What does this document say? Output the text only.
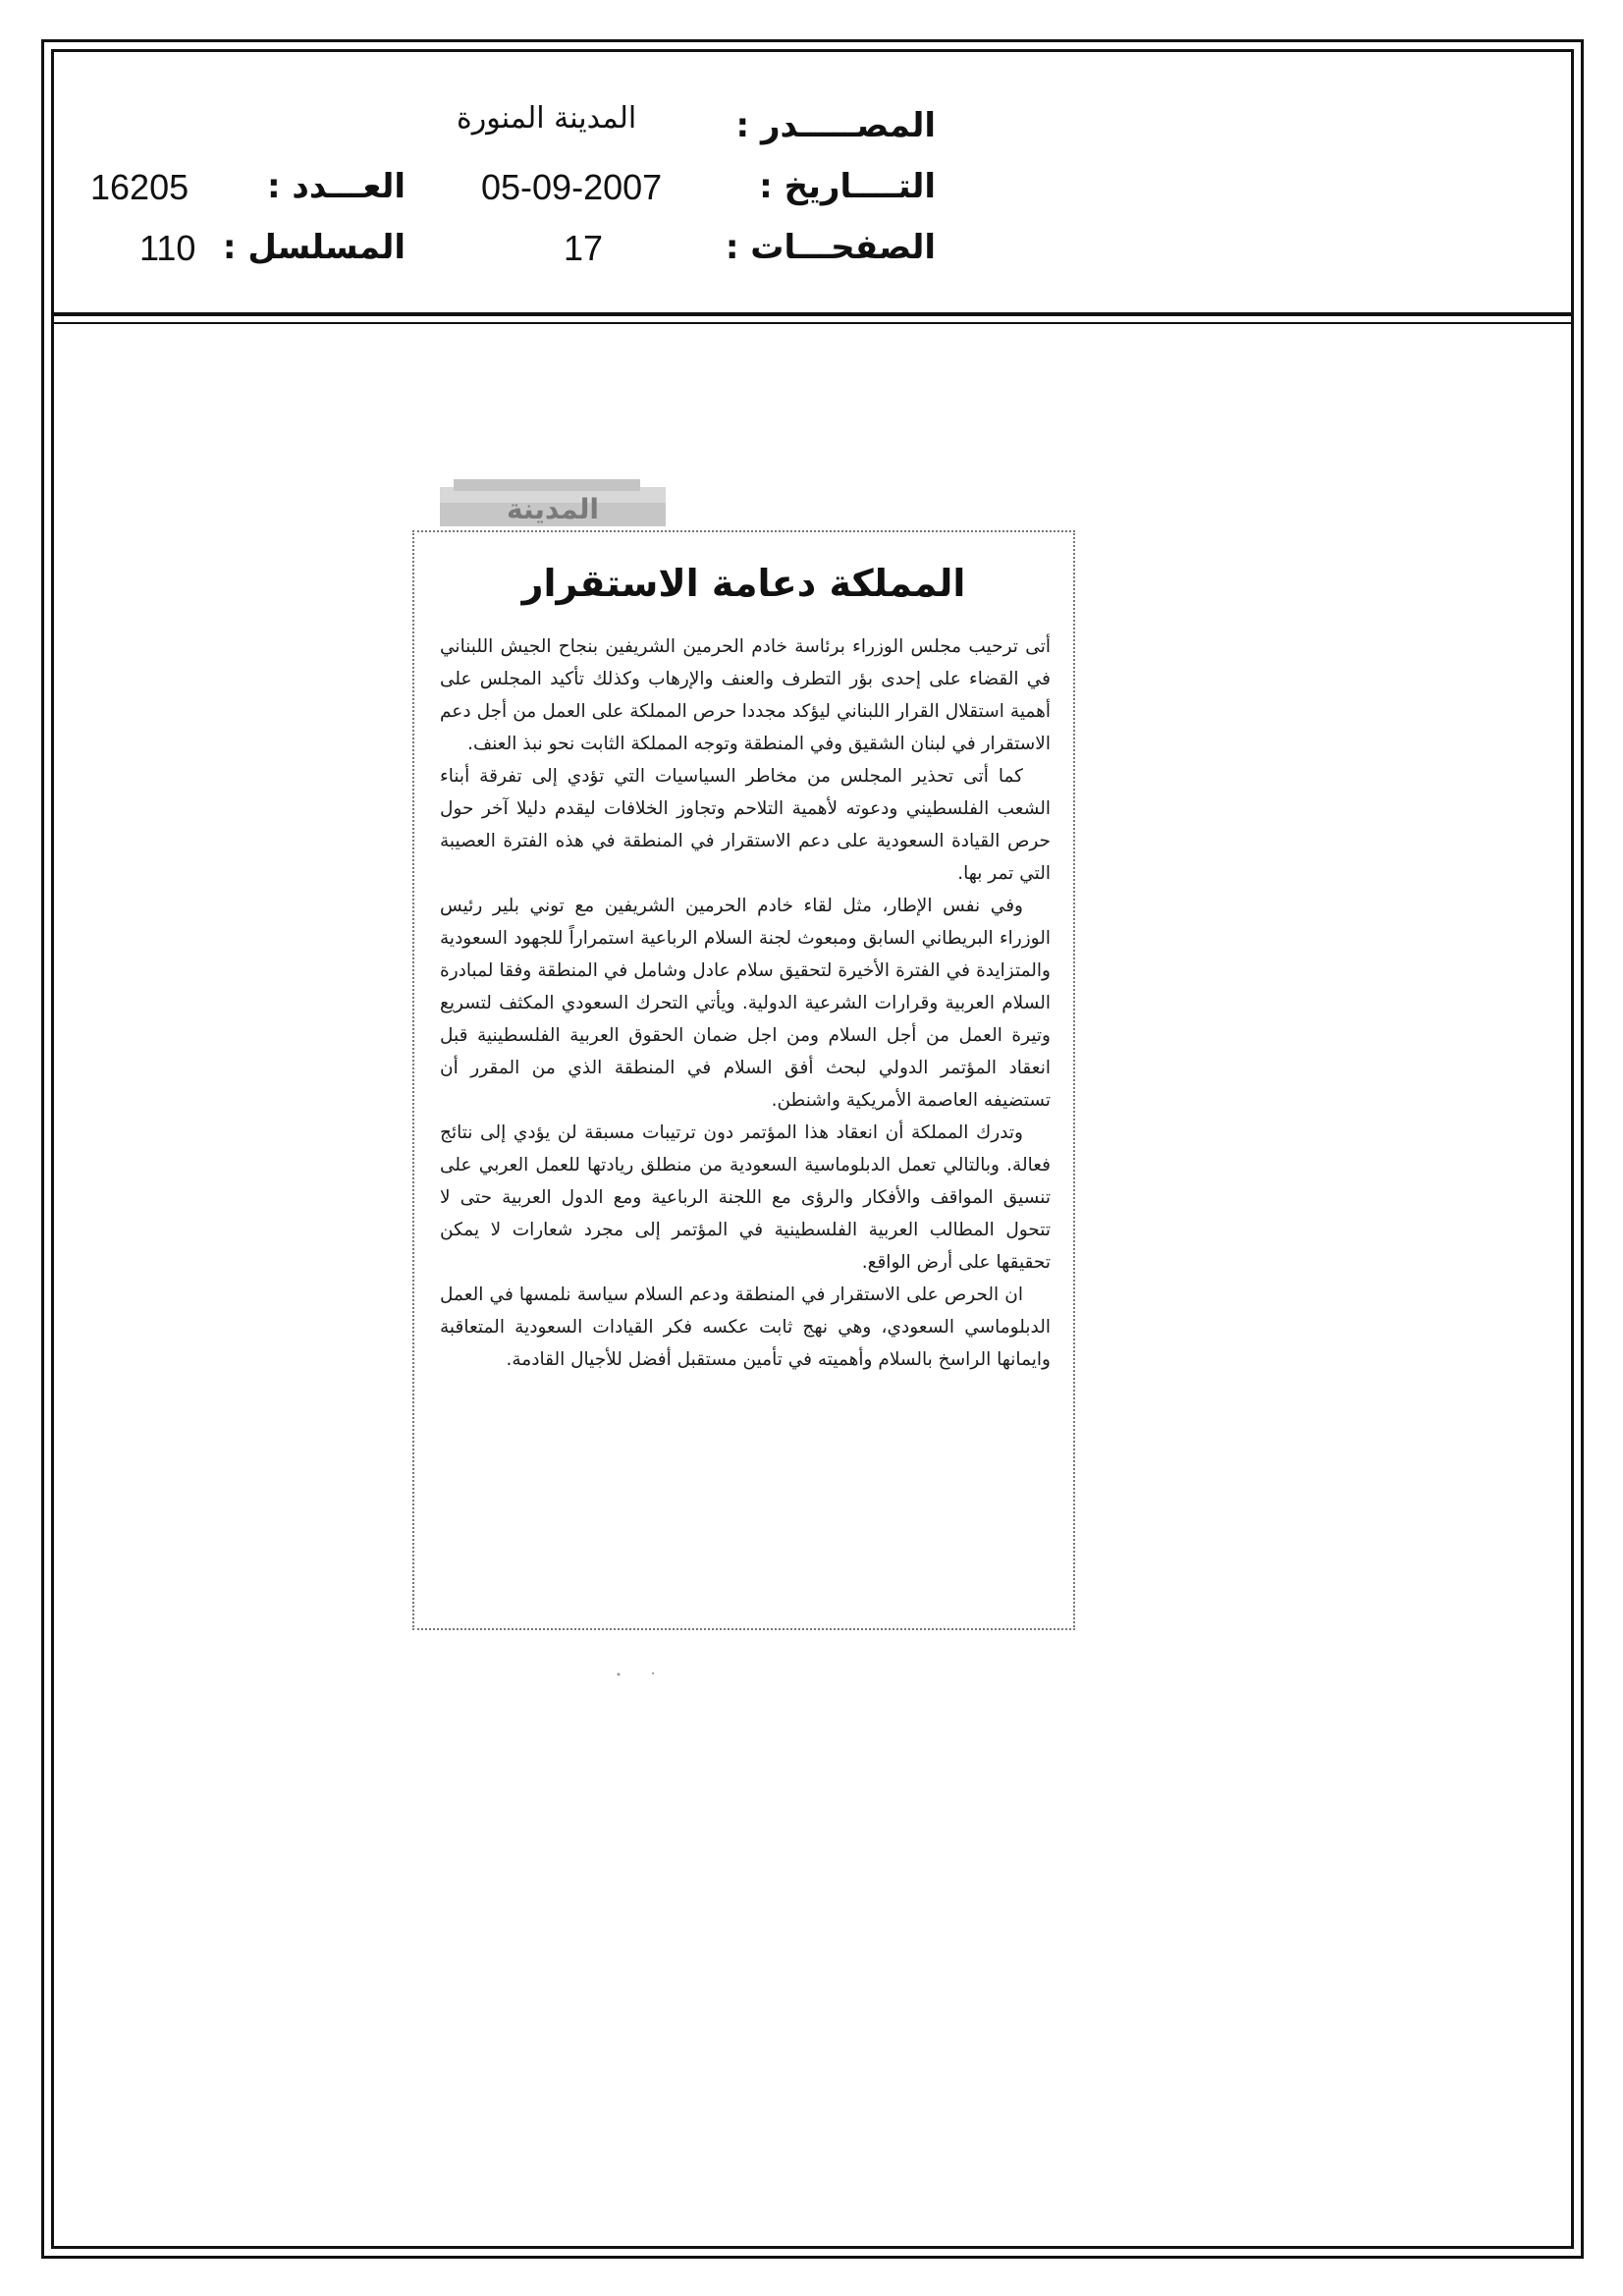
المصـــــدر :
المدينة المنورة
التــــاريخ :
05-09-2007
العـــدد :
16205
الصفحـــات :
17
المسلسل :
110
المدينة
المملكة دعامة الاستقرار

أتى ترحيب مجلس الوزراء برئاسة خادم الحرمين الشريفين بنجاح الجيش اللبناني في القضاء على إحدى بؤر التطرف والعنف والإرهاب وكذلك تأكيد المجلس على أهمية استقلال القرار اللبناني ليؤكد مجددا حرص المملكة على العمل من أجل دعم الاستقرار في لبنان الشقيق وفي المنطقة وتوجه المملكة الثابت نحو نبذ العنف.

كما أتى تحذير المجلس من مخاطر السياسيات التي تؤدي إلى تفرقة أبناء الشعب الفلسطيني ودعوته لأهمية التلاحم وتجاوز الخلافات ليقدم دليلا آخر حول حرص القيادة السعودية على دعم الاستقرار في المنطقة في هذه الفترة العصيبة التي تمر بها.

وفي نفس الإطار، مثل لقاء خادم الحرمين الشريفين مع توني بلير رئيس الوزراء البريطاني السابق ومبعوث لجنة السلام الرباعية استمراراً للجهود السعودية والمتزايدة في الفترة الأخيرة لتحقيق سلام عادل وشامل في المنطقة وفقا لمبادرة السلام العربية وقرارات الشرعية الدولية. ويأتي التحرك السعودي المكثف لتسريع وتيرة العمل من أجل السلام ومن اجل ضمان الحقوق العربية الفلسطينية قبل انعقاد المؤتمر الدولي لبحث أفق السلام في المنطقة الذي من المقرر أن تستضيفه العاصمة الأمريكية واشنطن.

وتدرك المملكة أن انعقاد هذا المؤتمر دون ترتيبات مسبقة لن يؤدي إلى نتائج فعالة. وبالتالي تعمل الدبلوماسية السعودية من منطلق ريادتها للعمل العربي على تنسيق المواقف والأفكار والرؤى مع اللجنة الرباعية ومع الدول العربية حتى لا تتحول المطالب العربية الفلسطينية في المؤتمر إلى مجرد شعارات لا يمكن تحقيقها على أرض الواقع.

ان الحرص على الاستقرار في المنطقة ودعم السلام سياسة نلمسها في العمل الدبلوماسي السعودي، وهي نهج ثابت عكسه فكر القيادات السعودية المتعاقبة وايمانها الراسخ بالسلام وأهميته في تأمين مستقبل أفضل للأجيال القادمة.
